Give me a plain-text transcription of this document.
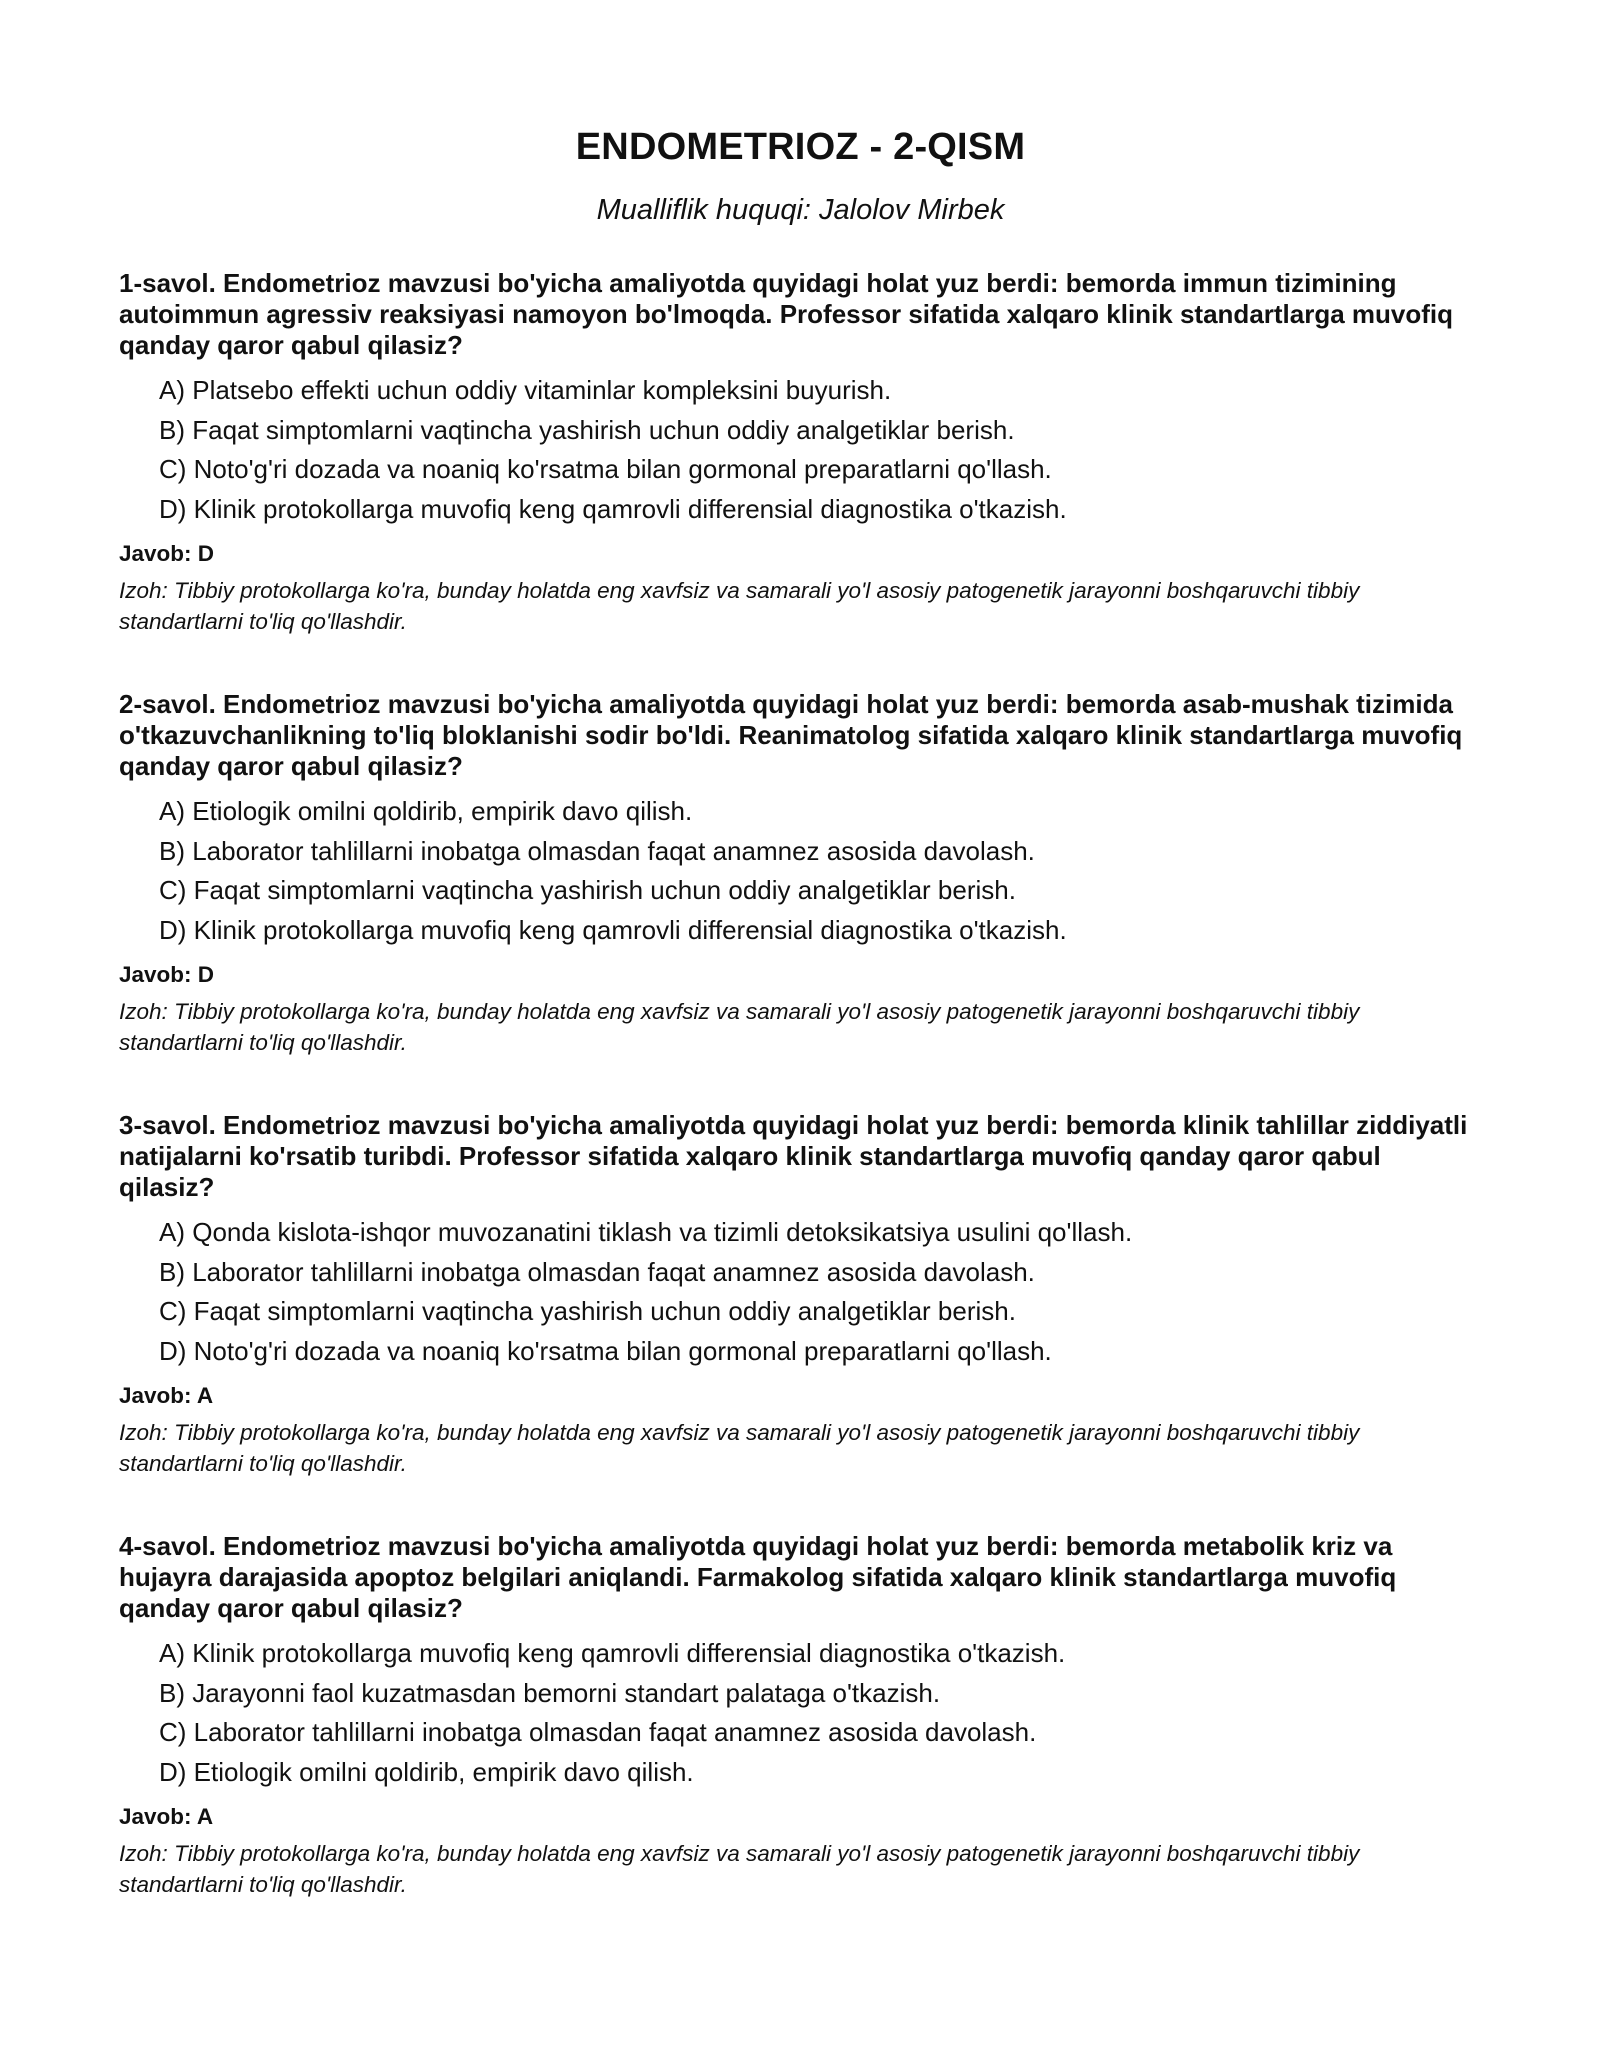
ENDOMETRIOZ - 2-QISM
Mualliflik huquqi: Jalolov Mirbek

1-savol. Endometrioz mavzusi bo'yicha amaliyotda quyidagi holat yuz berdi: bemorda immun tizimining autoimmun agressiv reaksiyasi namoyon bo'lmoqda. Professor sifatida xalqaro klinik standartlarga muvofiq qanday qaror qabul qilasiz?

A) Platsebo effekti uchun oddiy vitaminlar kompleksini buyurish.
B) Faqat simptomlarni vaqtincha yashirish uchun oddiy analgetiklar berish.
C) Noto'g'ri dozada va noaniq ko'rsatma bilan gormonal preparatlarni qo'llash.
D) Klinik protokollarga muvofiq keng qamrovli differensial diagnostika o'tkazish.
Javob: D

Izoh: Tibbiy protokollarga ko'ra, bunday holatda eng xavfsiz va samarali yo'l asosiy patogenetik jarayonni boshqaruvchi tibbiy standartlarni to'liq qo'llashdir.

2-savol. Endometrioz mavzusi bo'yicha amaliyotda quyidagi holat yuz berdi: bemorda asab-mushak tizimida o'tkazuvchanlikning to'liq bloklanishi sodir bo'ldi. Reanimatolog sifatida xalqaro klinik standartlarga muvofiq qanday qaror qabul qilasiz?

A) Etiologik omilni qoldirib, empirik davo qilish.
B) Laborator tahlillarni inobatga olmasdan faqat anamnez asosida davolash.
C) Faqat simptomlarni vaqtincha yashirish uchun oddiy analgetiklar berish.
D) Klinik protokollarga muvofiq keng qamrovli differensial diagnostika o'tkazish.
Javob: D

Izoh: Tibbiy protokollarga ko'ra, bunday holatda eng xavfsiz va samarali yo'l asosiy patogenetik jarayonni boshqaruvchi tibbiy standartlarni to'liq qo'llashdir.

3-savol. Endometrioz mavzusi bo'yicha amaliyotda quyidagi holat yuz berdi: bemorda klinik tahlillar ziddiyatli natijalarni ko'rsatib turibdi. Professor sifatida xalqaro klinik standartlarga muvofiq qanday qaror qabul qilasiz?

A) Qonda kislota-ishqor muvozanatini tiklash va tizimli detoksikatsiya usulini qo'llash.
B) Laborator tahlillarni inobatga olmasdan faqat anamnez asosida davolash.
C) Faqat simptomlarni vaqtincha yashirish uchun oddiy analgetiklar berish.
D) Noto'g'ri dozada va noaniq ko'rsatma bilan gormonal preparatlarni qo'llash.
Javob: A

Izoh: Tibbiy protokollarga ko'ra, bunday holatda eng xavfsiz va samarali yo'l asosiy patogenetik jarayonni boshqaruvchi tibbiy standartlarni to'liq qo'llashdir.

4-savol. Endometrioz mavzusi bo'yicha amaliyotda quyidagi holat yuz berdi: bemorda metabolik kriz va hujayra darajasida apoptoz belgilari aniqlandi. Farmakolog sifatida xalqaro klinik standartlarga muvofiq qanday qaror qabul qilasiz?

A) Klinik protokollarga muvofiq keng qamrovli differensial diagnostika o'tkazish.
B) Jarayonni faol kuzatmasdan bemorni standart palataga o'tkazish.
C) Laborator tahlillarni inobatga olmasdan faqat anamnez asosida davolash.
D) Etiologik omilni qoldirib, empirik davo qilish.
Javob: A

Izoh: Tibbiy protokollarga ko'ra, bunday holatda eng xavfsiz va samarali yo'l asosiy patogenetik jarayonni boshqaruvchi tibbiy standartlarni to'liq qo'llashdir.
